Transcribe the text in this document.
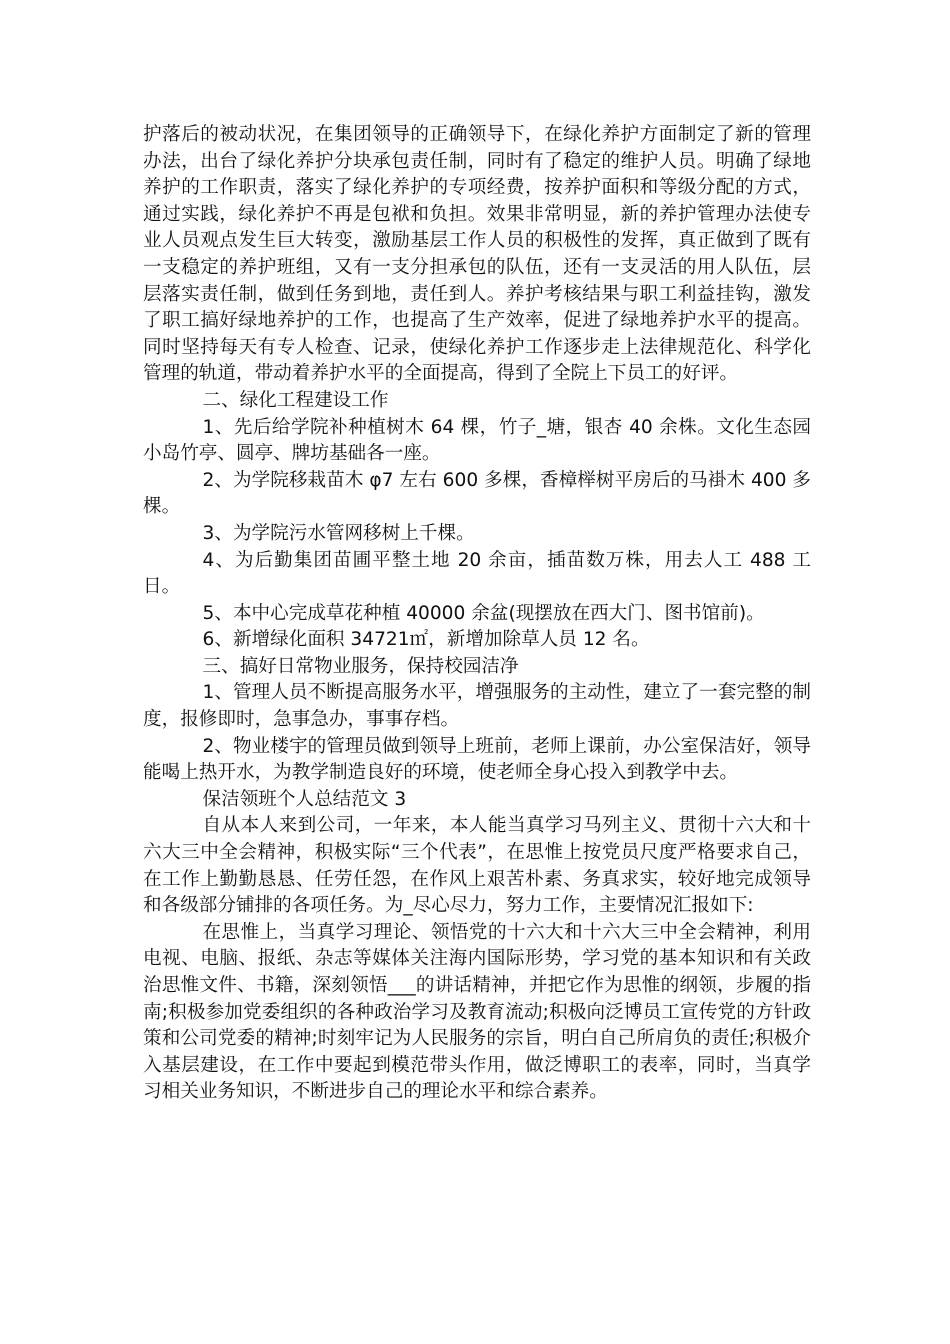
护落后的被动状况，在集团领导的正确领导下，在绿化养护方面制定了新的管理办法，出台了绿化养护分块承包责任制，同时有了稳定的维护人员。明确了绿地养护的工作职责，落实了绿化养护的专项经费，按养护面积和等级分配的方式，通过实践，绿化养护不再是包袱和负担。效果非常明显，新的养护管理办法使专业人员观点发生巨大转变，激励基层工作人员的积极性的发挥，真正做到了既有一支稳定的养护班组，又有一支分担承包的队伍，还有一支灵活的用人队伍，层层落实责任制，做到任务到地，责任到人。养护考核结果与职工利益挂钩，激发了职工搞好绿地养护的工作，也提高了生产效率，促进了绿地养护水平的提高。同时坚持每天有专人检查、记录，使绿化养护工作逐步走上法律规范化、科学化管理的轨道，带动着养护水平的全面提高，得到了全院上下员工的好评。

二、绿化工程建设工作

1、先后给学院补种植树木 64 棵，竹子_塘，银杏 40 余株。文化生态园小岛竹亭、圆亭、牌坊基础各一座。

2、为学院移栽苗木 φ7 左右 600 多棵，香樟榉树平房后的马褂木 400 多棵。

3、为学院污水管网移树上千棵。

4、为后勤集团苗圃平整土地 20 余亩，插苗数万株，用去人工 488 工日。

5、本中心完成草花种植 40000 余盆(现摆放在西大门、图书馆前)。

6、新增绿化面积 34721㎡，新增加除草人员 12 名。

三、搞好日常物业服务，保持校园洁净

1、管理人员不断提高服务水平，增强服务的主动性，建立了一套完整的制度，报修即时，急事急办，事事存档。

2、物业楼宇的管理员做到领导上班前，老师上课前，办公室保洁好，领导能喝上热开水，为教学制造良好的环境，使老师全身心投入到教学中去。

保洁领班个人总结范文 3

自从本人来到公司，一年来，本人能当真学习马列主义、贯彻十六大和十六大三中全会精神，积极实际“三个代表”，在思惟上按党员尺度严格要求自己，在工作上勤勤恳恳、任劳任怨，在作风上艰苦朴素、务真求实，较好地完成领导和各级部分铺排的各项任务。为_尽心尽力，努力工作，主要情况汇报如下:

在思惟上，当真学习理论、领悟党的十六大和十六大三中全会精神，利用电视、电脑、报纸、杂志等媒体关注海内国际形势，学习党的基本知识和有关政治思惟文件、书籍，深刻领悟___的讲话精神，并把它作为思惟的纲领，步履的指南;积极参加党委组织的各种政治学习及教育流动;积极向泛博员工宣传党的方针政策和公司党委的精神;时刻牢记为人民服务的宗旨，明白自己所肩负的责任;积极介入基层建设，在工作中要起到模范带头作用，做泛博职工的表率，同时，当真学习相关业务知识，不断进步自己的理论水平和综合素养。
